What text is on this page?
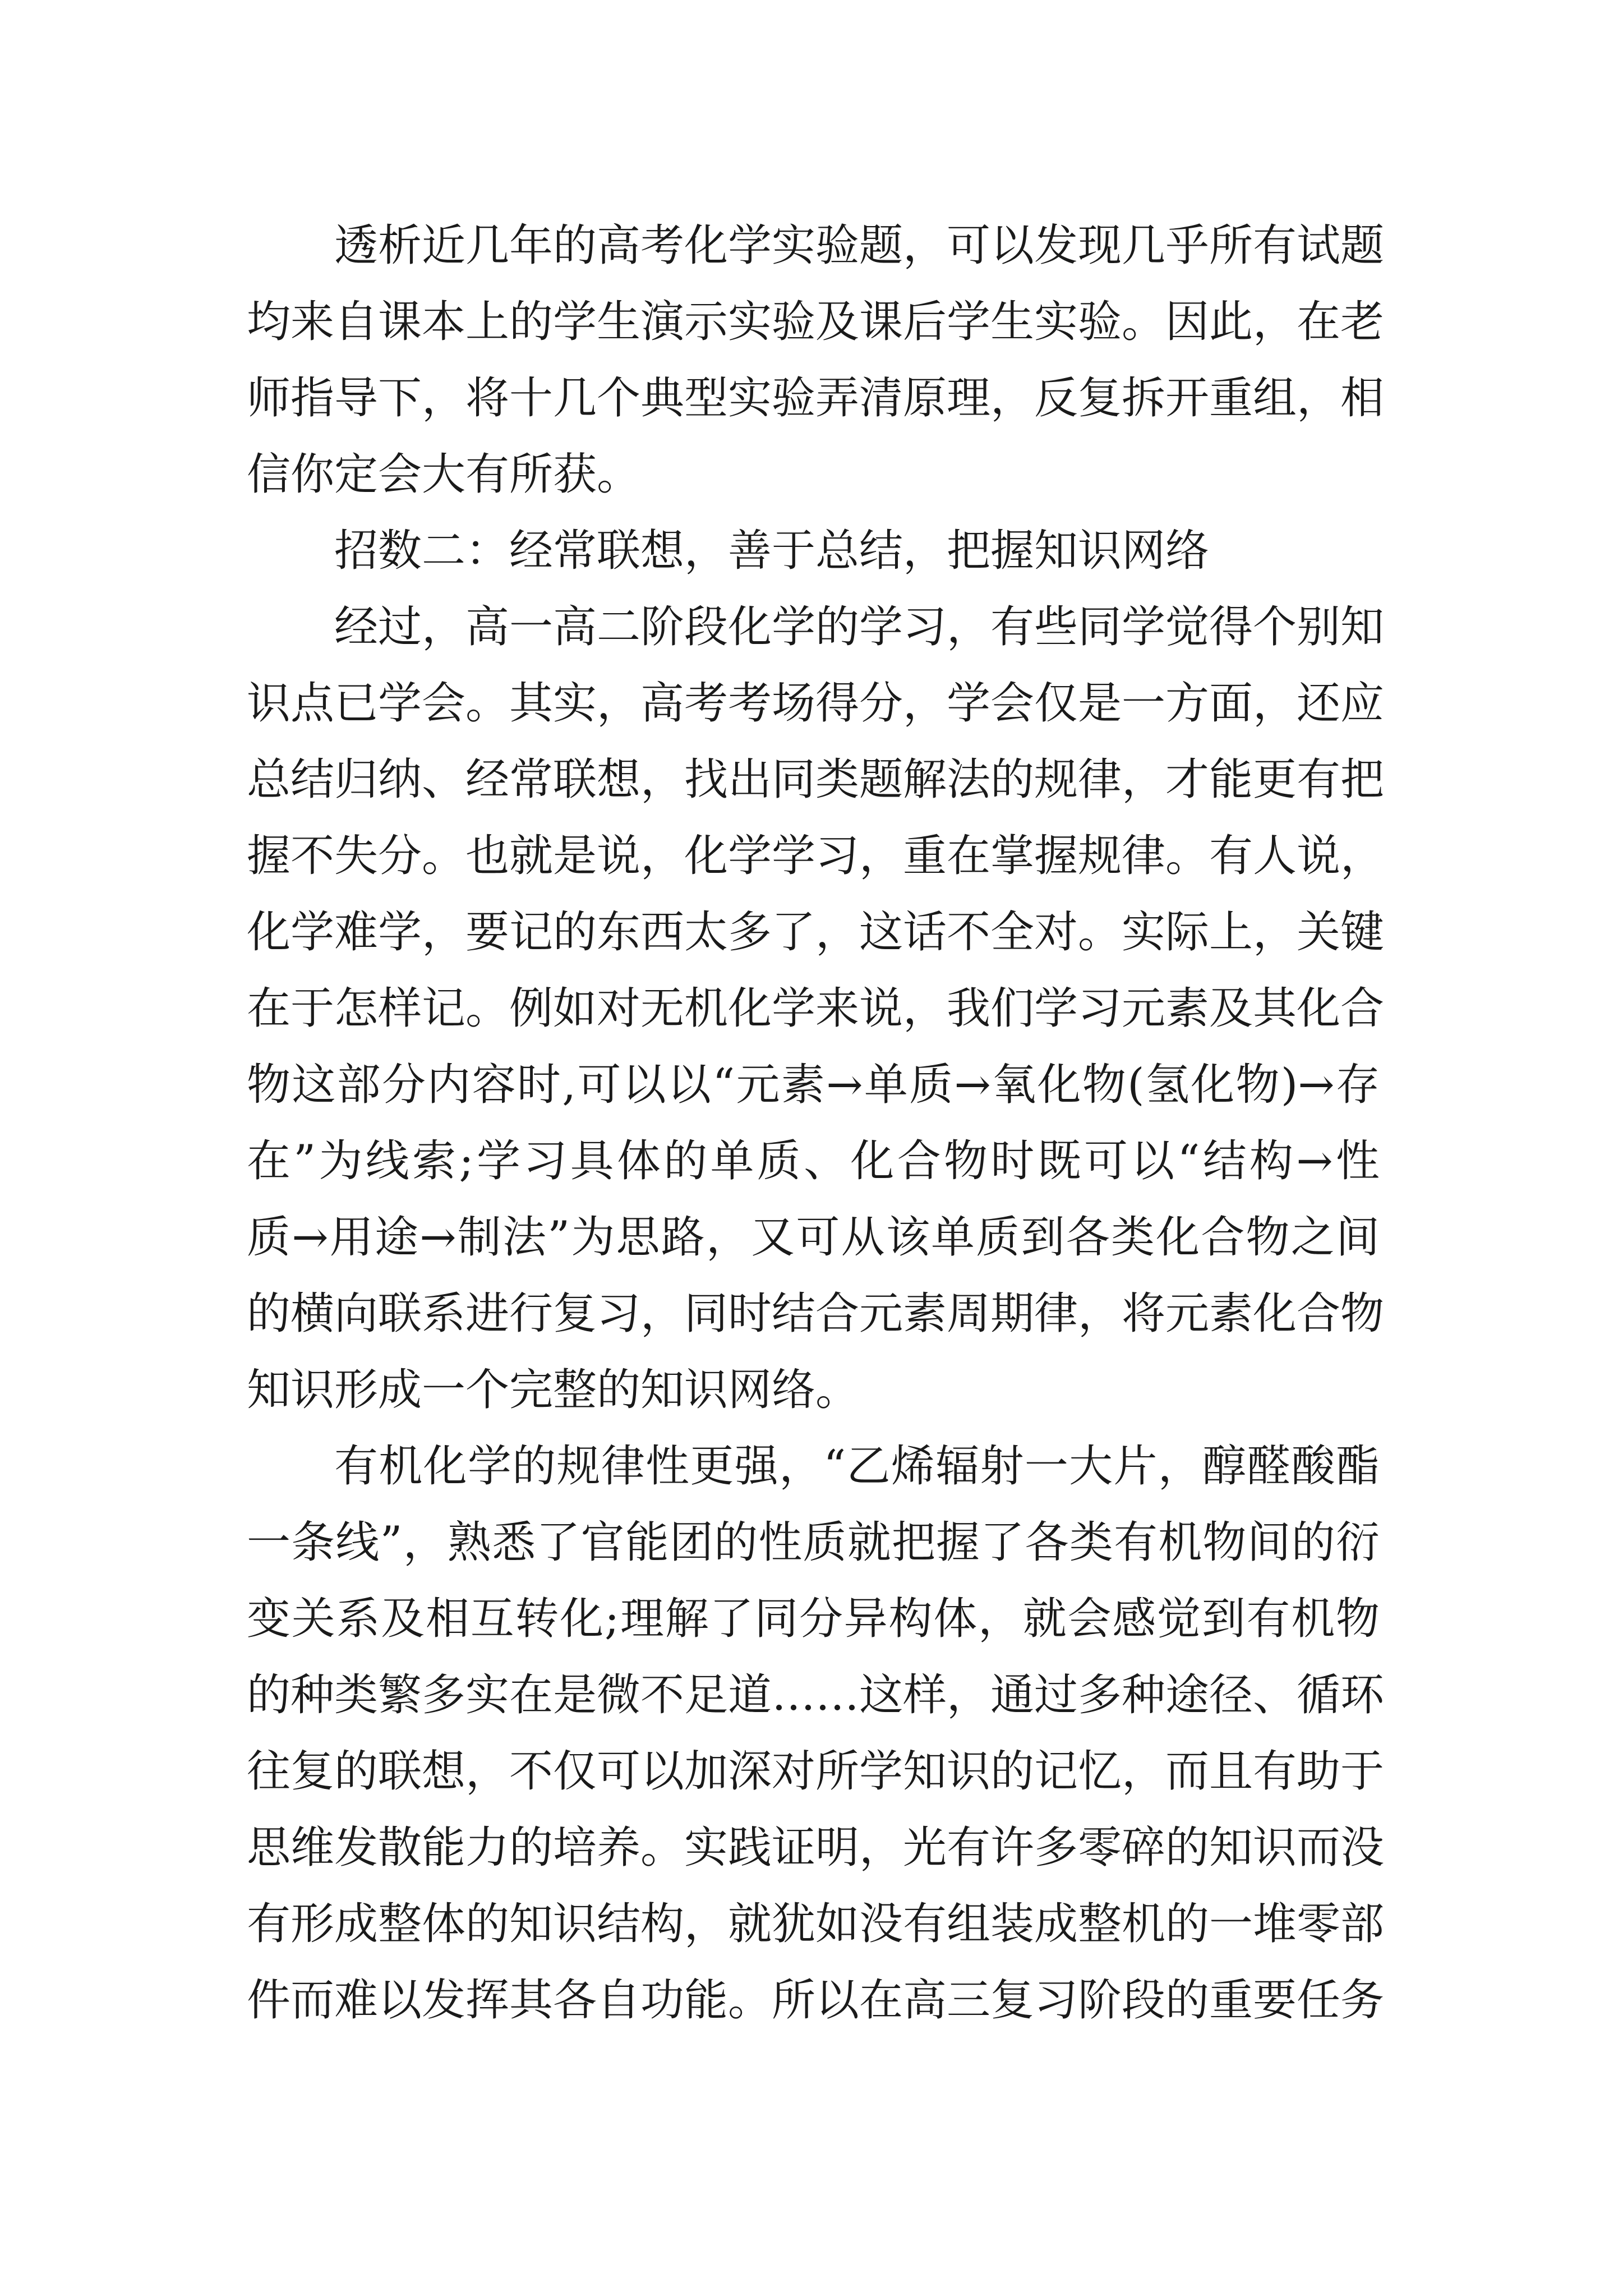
透析近几年的高考化学实验题，可以发现几乎所有试题
均来自课本上的学生演示实验及课后学生实验。因此，在老
师指导下，将十几个典型实验弄清原理，反复拆开重组，相
信你定会大有所获。
招数二：经常联想，善于总结，把握知识网络
经过，高一高二阶段化学的学习，有些同学觉得个别知
识点已学会。其实，高考考场得分，学会仅是一方面，还应
总结归纳、经常联想，找出同类题解法的规律，才能更有把
握不失分。也就是说，化学学习，重在掌握规律。有人说，
化学难学，要记的东西太多了，这话不全对。实际上，关键
在于怎样记。例如对无机化学来说，我们学习元素及其化合
物这部分内容时,可以以“元素→单质→氧化物(氢化物)→存
在”为线索;学习具体的单质、化合物时既可以“结构→性
质→用途→制法”为思路，又可从该单质到各类化合物之间
的横向联系进行复习，同时结合元素周期律，将元素化合物
知识形成一个完整的知识网络。
有机化学的规律性更强，“乙烯辐射一大片，醇醛酸酯
一条线”，熟悉了官能团的性质就把握了各类有机物间的衍
变关系及相互转化;理解了同分异构体，就会感觉到有机物
的种类繁多实在是微不足道……这样，通过多种途径、循环
往复的联想，不仅可以加深对所学知识的记忆，而且有助于
思维发散能力的培养。实践证明，光有许多零碎的知识而没
有形成整体的知识结构，就犹如没有组装成整机的一堆零部
件而难以发挥其各自功能。所以在高三复习阶段的重要任务
